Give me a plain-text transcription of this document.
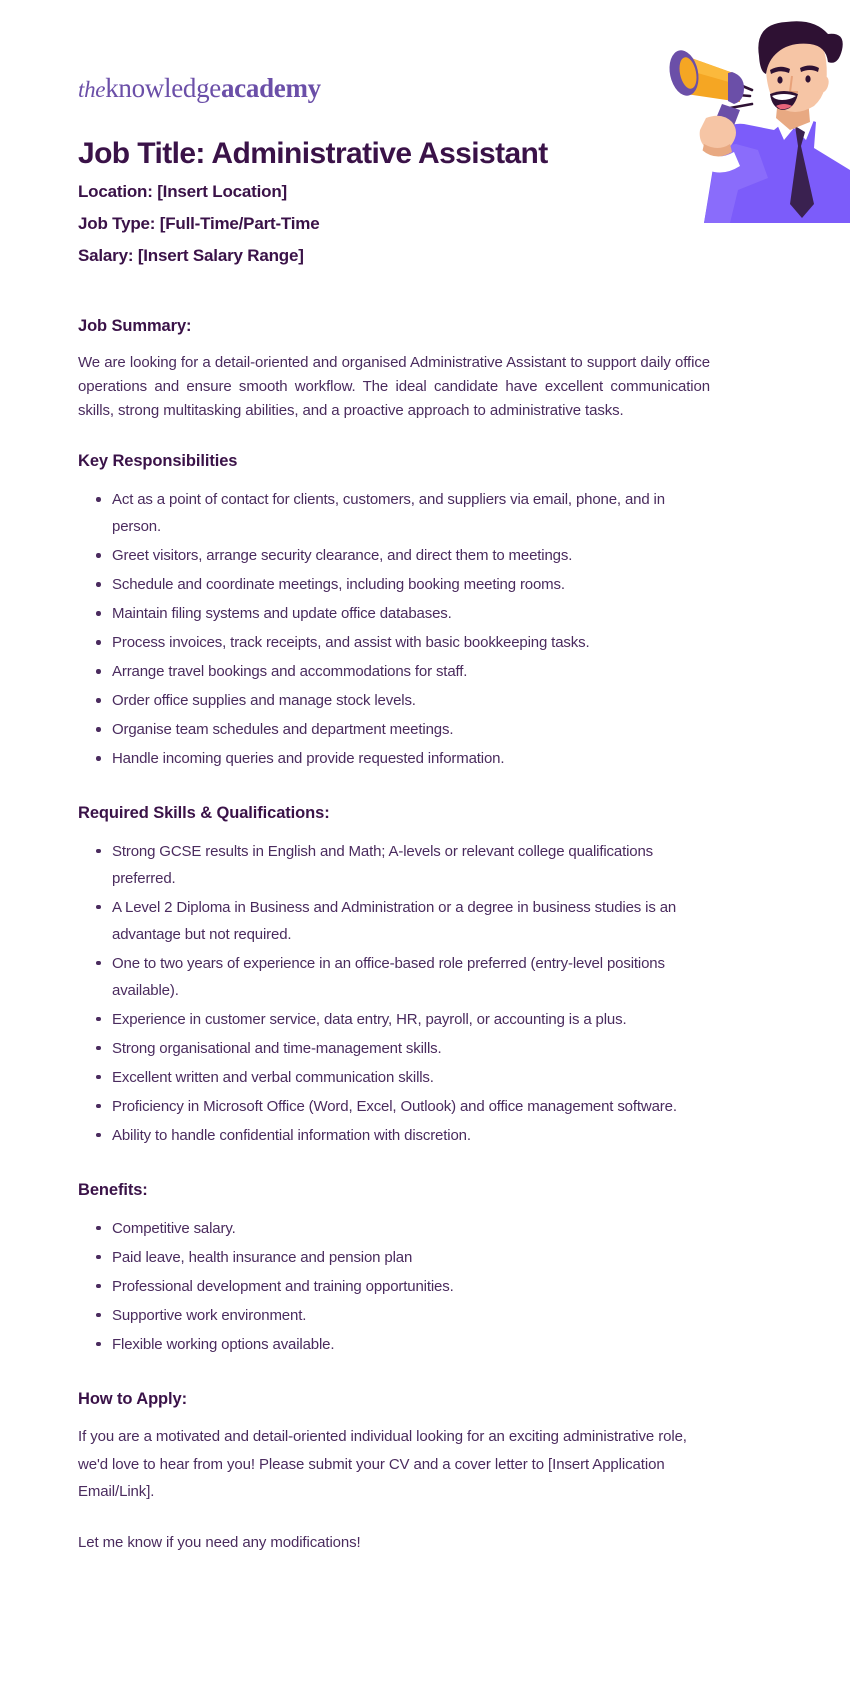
theknowledgeacademy
Job Title: Administrative Assistant
Location: [Insert Location]
Job Type: [Full-Time/Part-Time
Salary: [Insert Salary Range]
Job Summary:

We are looking for a detail-oriented and organised Administrative Assistant to support daily office operations and ensure smooth workflow. The ideal candidate have excellent communication skills, strong multitasking abilities, and a proactive approach to administrative tasks.

Key Responsibilities
Act as a point of contact for clients, customers, and suppliers via email, phone, and in person.
Greet visitors, arrange security clearance, and direct them to meetings.
Schedule and coordinate meetings, including booking meeting rooms.
Maintain filing systems and update office databases.
Process invoices, track receipts, and assist with basic bookkeeping tasks.
Arrange travel bookings and accommodations for staff.
Order office supplies and manage stock levels.
Organise team schedules and department meetings.
Handle incoming queries and provide requested information.
Required Skills & Qualifications:
Strong GCSE results in English and Math; A-levels or relevant college qualifications preferred.
A Level 2 Diploma in Business and Administration or a degree in business studies is an advantage but not required.
One to two years of experience in an office-based role preferred (entry-level positions available).
Experience in customer service, data entry, HR, payroll, or accounting is a plus.
Strong organisational and time-management skills.
Excellent written and verbal communication skills.
Proficiency in Microsoft Office (Word, Excel, Outlook) and office management software.
Ability to handle confidential information with discretion.
Benefits:
Competitive salary.
Paid leave, health insurance and pension plan
Professional development and training opportunities.
Supportive work environment.
Flexible working options available.
How to Apply:

If you are a motivated and detail-oriented individual looking for an exciting administrative role, we'd love to hear from you! Please submit your CV and a cover letter to [Insert Application Email/Link].

Let me know if you need any modifications!
